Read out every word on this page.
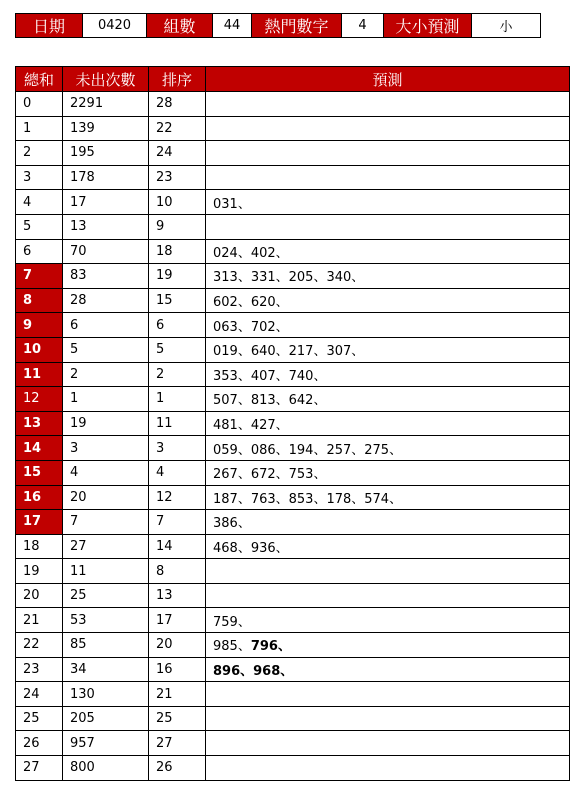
日期	0420	組數	44	熱門數字	4	大小預測	小
總和	未出次數	排序	預測
0	2291	28	
1	139	22	
2	195	24	
3	178	23	
4	17	10	031、
5	13	9	
6	70	18	024、402、
7	83	19	313、331、205、340、
8	28	15	602、620、
9	6	6	063、702、
10	5	5	019、640、217、307、
11	2	2	353、407、740、
12	1	1	507、813、642、
13	19	11	481、427、
14	3	3	059、086、194、257、275、
15	4	4	267、672、753、
16	20	12	187、763、853、178、574、
17	7	7	386、
18	27	14	468、936、
19	11	8	
20	25	13	
21	53	17	759、
22	85	20	985、796、
23	34	16	896、968、
24	130	21	
25	205	25	
26	957	27	
27	800	26	
